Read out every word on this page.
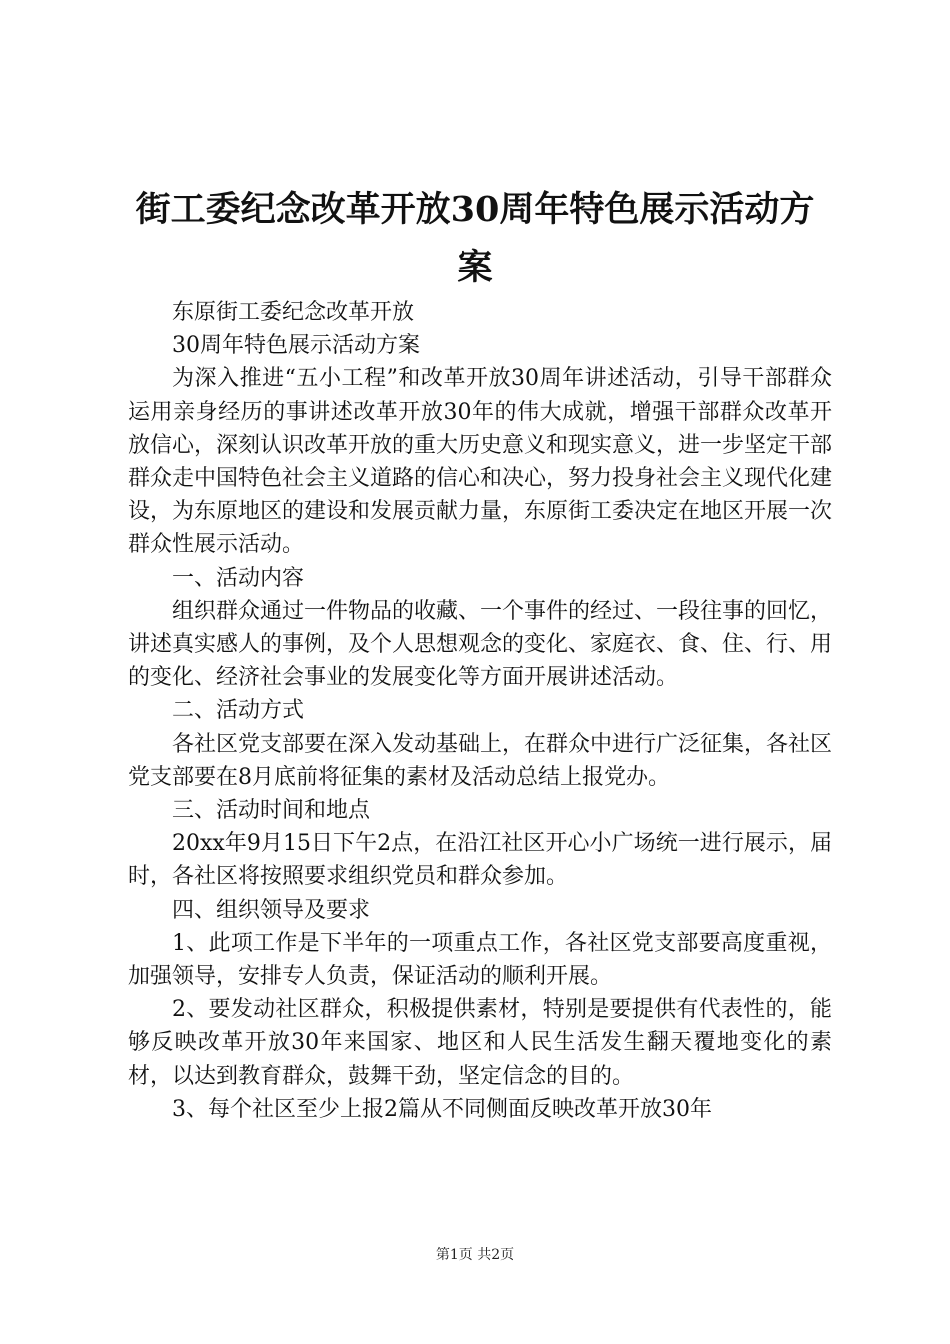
街工委纪念改革开放30周年特色展示活动方
案

东原街工委纪念改革开放

30周年特色展示活动方案

为深入推进“五小工程”和改革开放30周年讲述活动，引导干部群众运用亲身经历的事讲述改革开放30年的伟大成就，增强干部群众改革开放信心，深刻认识改革开放的重大历史意义和现实意义，进一步坚定干部群众走中国特色社会主义道路的信心和决心，努力投身社会主义现代化建设，为东原地区的建设和发展贡献力量，东原街工委决定在地区开展一次群众性展示活动。

一、活动内容

组织群众通过一件物品的收藏、一个事件的经过、一段往事的回忆，讲述真实感人的事例，及个人思想观念的变化、家庭衣、食、住、行、用的变化、经济社会事业的发展变化等方面开展讲述活动。

二、活动方式

各社区党支部要在深入发动基础上，在群众中进行广泛征集，各社区党支部要在8月底前将征集的素材及活动总结上报党办。

三、活动时间和地点

20xx年9月15日下午2点，在沿江社区开心小广场统一进行展示，届时，各社区将按照要求组织党员和群众参加。

四、组织领导及要求

1、此项工作是下半年的一项重点工作，各社区党支部要高度重视，加强领导，安排专人负责，保证活动的顺利开展。

2、要发动社区群众，积极提供素材，特别是要提供有代表性的，能够反映改革开放30年来国家、地区和人民生活发生翻天覆地变化的素材，以达到教育群众，鼓舞干劲，坚定信念的目的。

3、每个社区至少上报2篇从不同侧面反映改革开放30年

第1页 共2页
